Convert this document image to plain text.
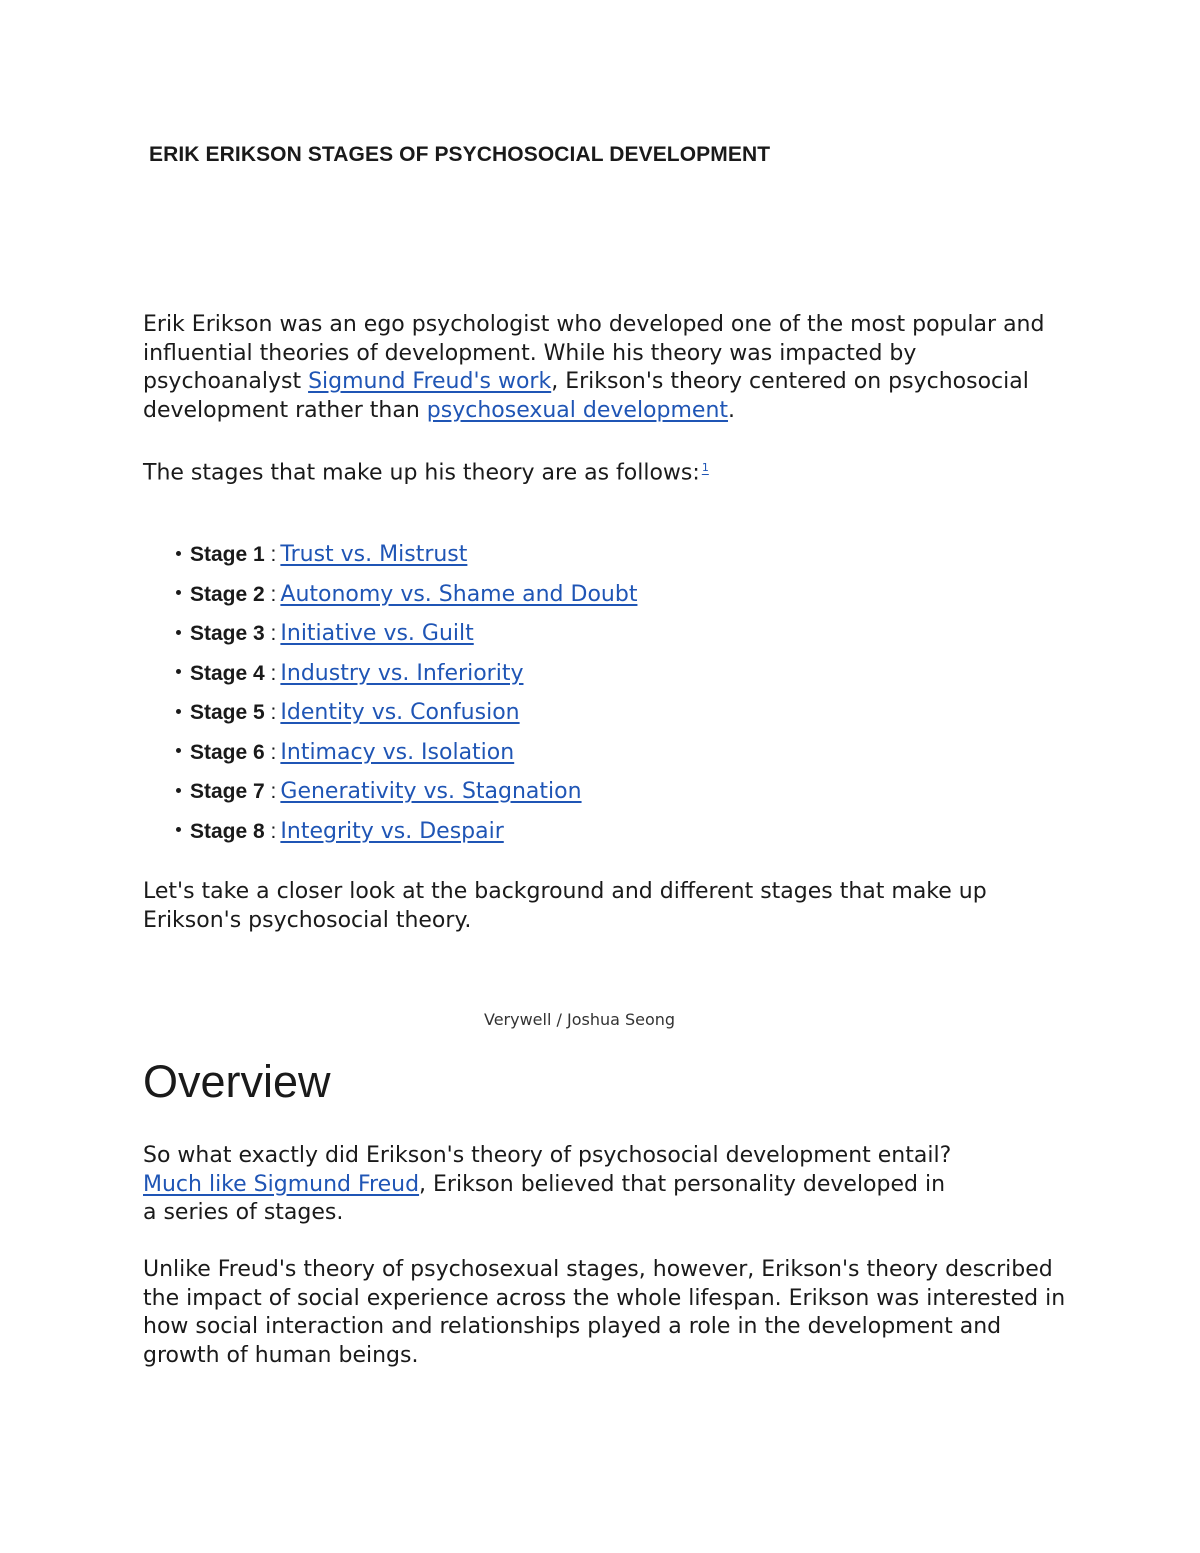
ERIK ERIKSON STAGES OF PSYCHOSOCIAL DEVELOPMENT

Erik Erikson was an ego psychologist who developed one of the most popular and influential theories of development. While his theory was impacted by psychoanalyst Sigmund Freud's work, Erikson's theory centered on psychosocial development rather than psychosexual development.

The stages that make up his theory are as follows: $^1$

Stage 1 : Trust vs. Mistrust
Stage 2 : Autonomy vs. Shame and Doubt
Stage 3 : Initiative vs. Guilt
Stage 4 : Industry vs. Inferiority
Stage 5 : Identity vs. Confusion
Stage 6 : Intimacy vs. Isolation
Stage 7 : Generativity vs. Stagnation
Stage 8 : Integrity vs. Despair

Let's take a closer look at the background and different stages that make up Erikson's psychosocial theory.

Verywell / Joshua Seong
Overview

So what exactly did Erikson's theory of psychosocial development entail? Much like Sigmund Freud, Erikson believed that personality developed in a series of stages.

Unlike Freud's theory of psychosexual stages, however, Erikson's theory described the impact of social experience across the whole lifespan. Erikson was interested in how social interaction and relationships played a role in the development and growth of human beings.
